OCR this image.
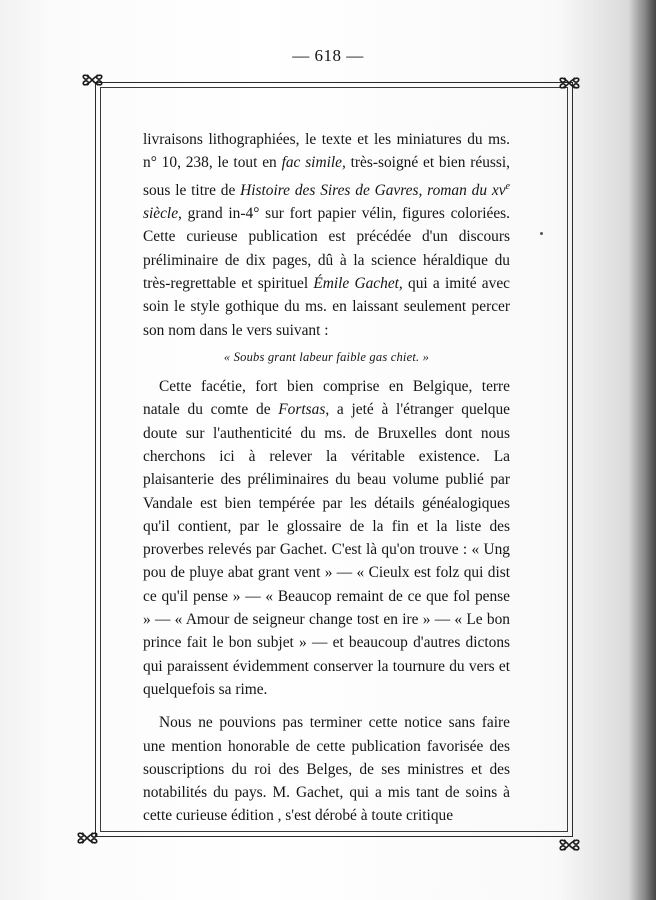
— 618 —

livraisons lithographiées, le texte et les miniatures du ms. n° 10, 238, le tout en fac simile, très-soigné et bien réussi, sous le titre de Histoire des Sires de Gavres, roman du $xv^e$ siècle, grand in-4° sur fort papier vélin, figures coloriées. Cette curieuse publication est précédée d'un discours préliminaire de dix pages, dû à la science héraldique du très-regrettable et spirituel Émile Gachet, qui a imité avec soin le style gothique du ms. en laissant seulement percer son nom dans le vers suivant :

« Soubs grant labeur faible gas chiet. »

Cette facétie, fort bien comprise en Belgique, terre natale du comte de Fortsas, a jeté à l'étranger quelque doute sur l'authenticité du ms. de Bruxelles dont nous cherchons ici à relever la véritable existence. La plaisanterie des préliminaires du beau volume publié par Vandale est bien tempérée par les détails généalogiques qu'il contient, par le glossaire de la fin et la liste des proverbes relevés par Gachet. C'est là qu'on trouve : « Ung pou de pluye abat grant vent » — « Cieulx est folz qui dist ce qu'il pense » — « Beaucop remaint de ce que fol pense » — « Amour de seigneur change tost en ire » — « Le bon prince fait le bon subjet » — et beaucoup d'autres dictons qui paraissent évidemment conserver la tournure du vers et quelquefois sa rime.

Nous ne pouvions pas terminer cette notice sans faire une mention honorable de cette publication favorisée des souscriptions du roi des Belges, de ses ministres et des notabilités du pays. M. Gachet, qui a mis tant de soins à cette curieuse édition , s'est dérobé à toute critique
